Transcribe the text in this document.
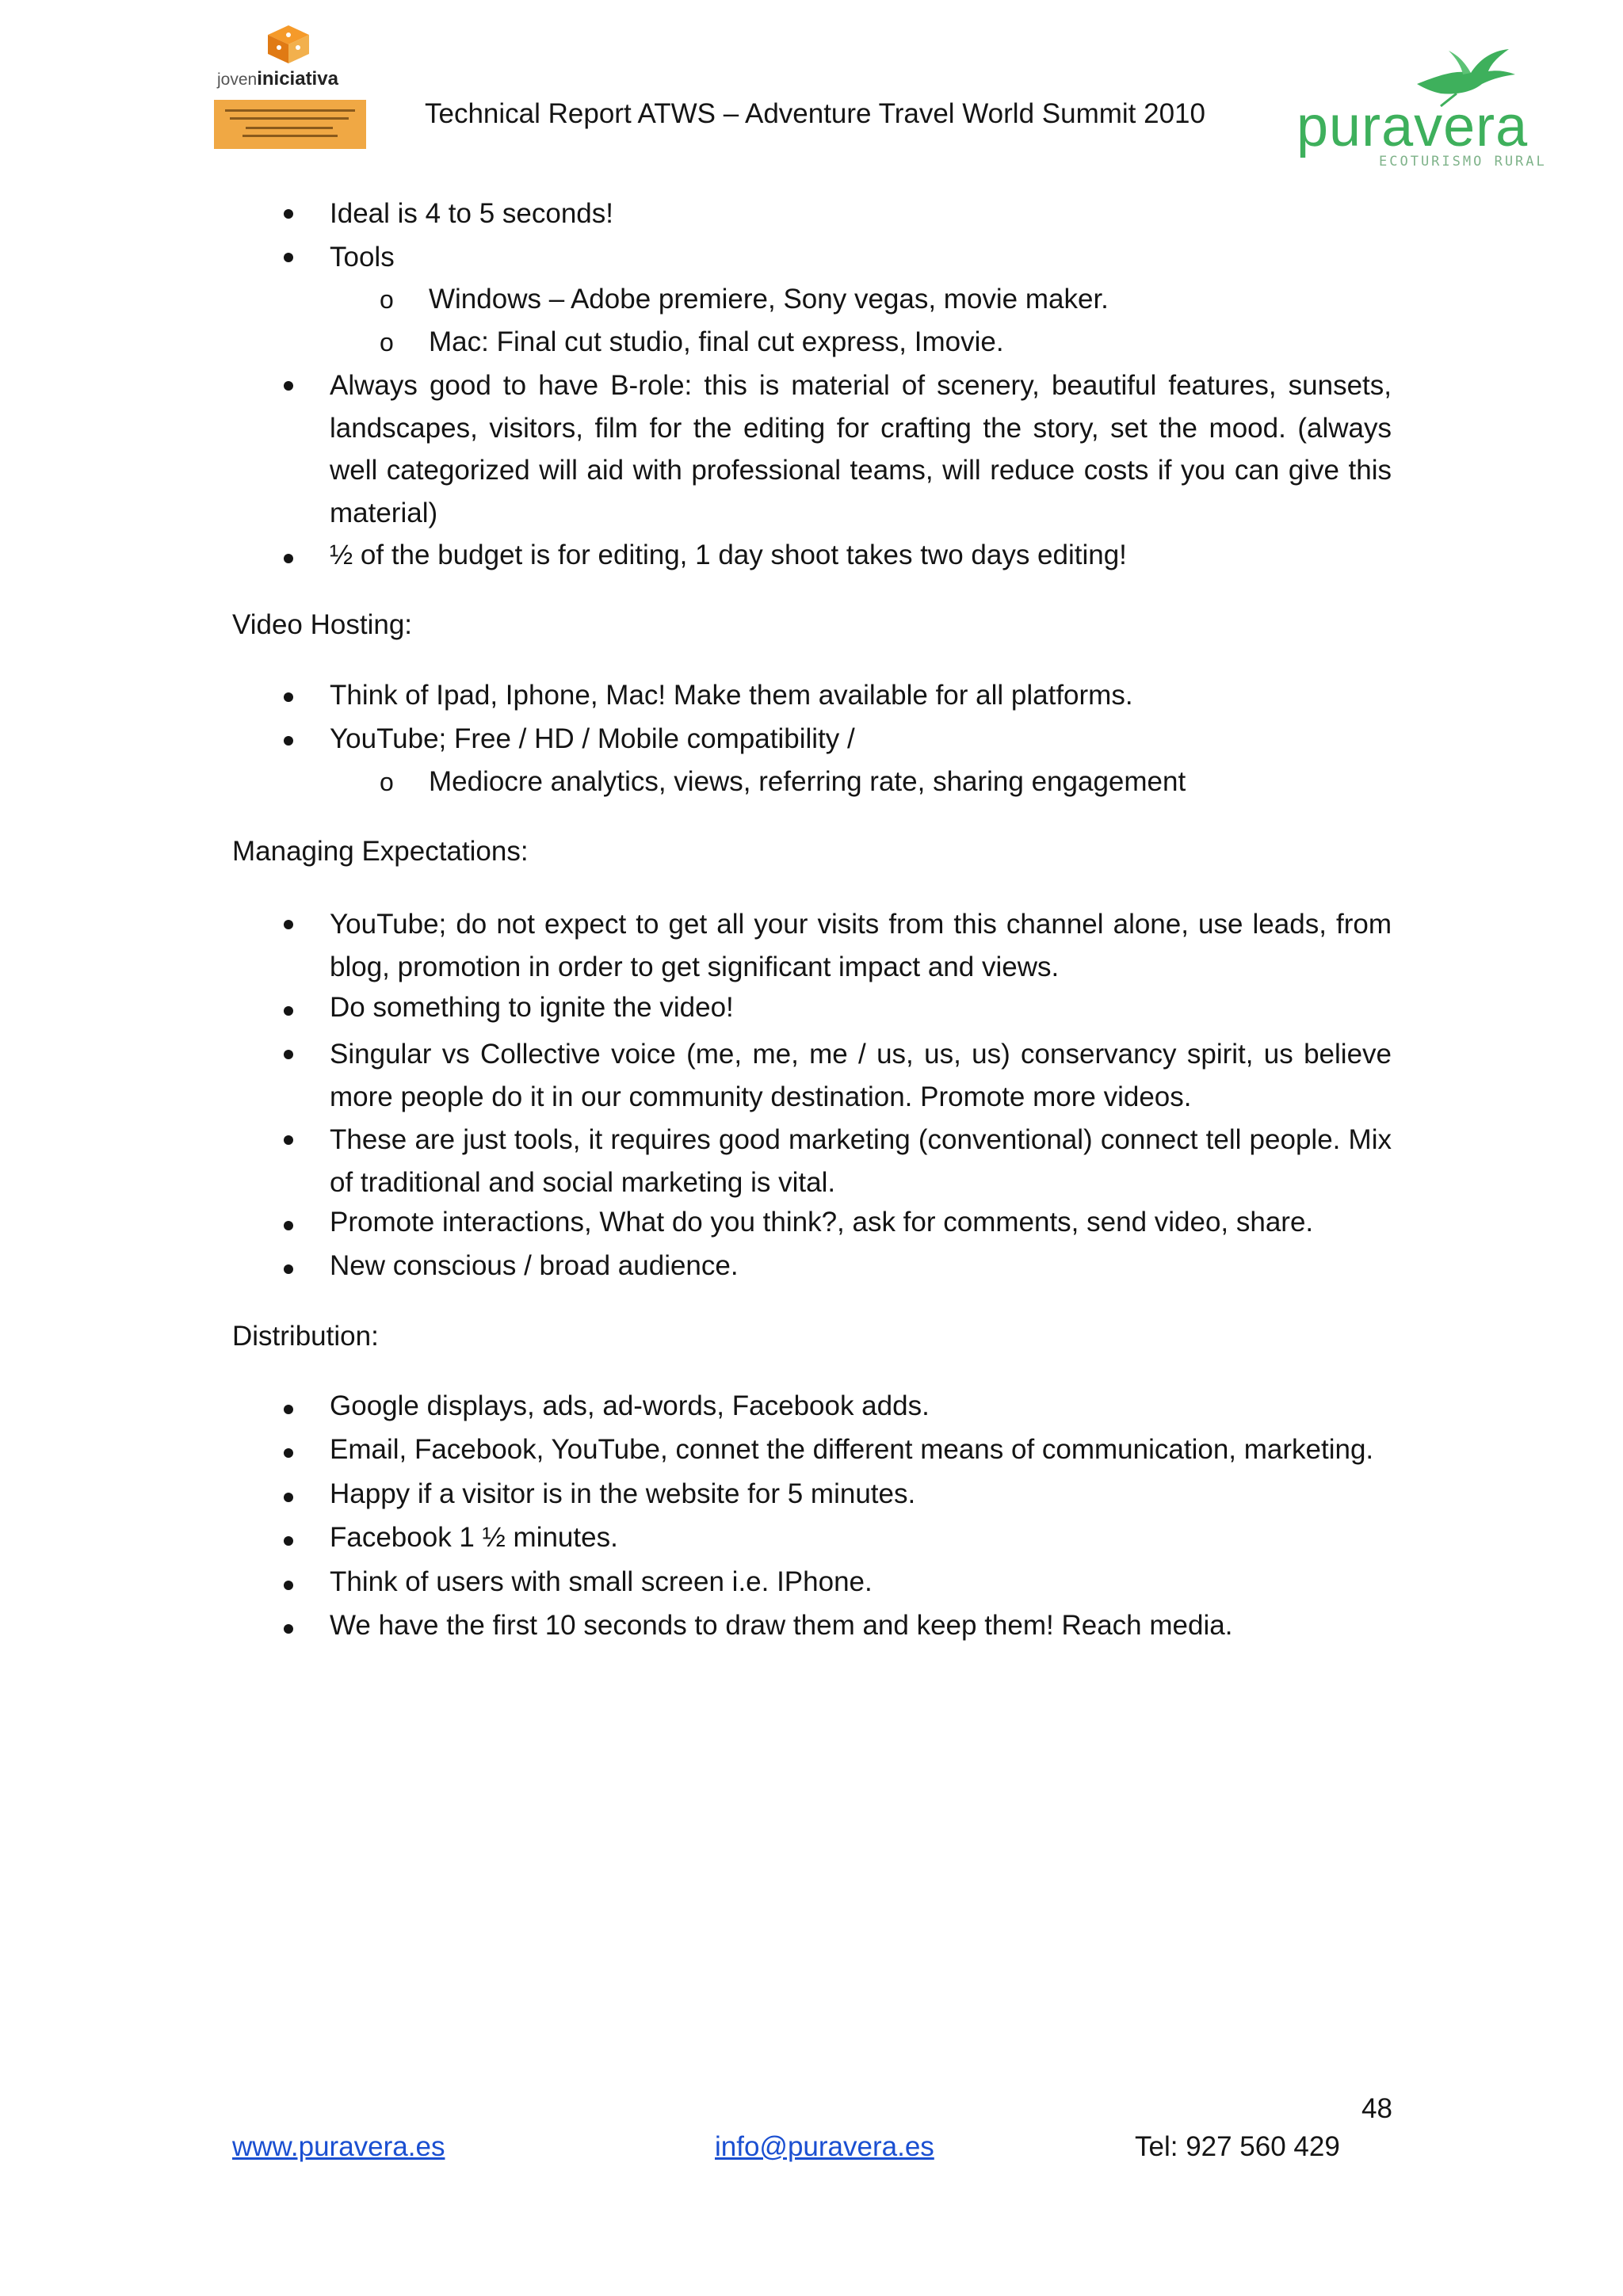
joveniniciativa
Technical Report ATWS – Adventure Travel World Summit 2010 puravera
ECOTURISMO RURAL
Ideal is 4 to 5 seconds!
Tools
o Windows – Adobe premiere, Sony vegas, movie maker.
o Mac: Final cut studio, final cut express, Imovie.
Always good to have B-role: this is material of scenery, beautiful features, sunsets, landscapes, visitors, film for the editing for crafting the story, set the mood. (always well categorized will aid with professional teams, will reduce costs if you can give this material)
½ of the budget is for editing, 1 day shoot takes two days editing!
Video Hosting:
Think of Ipad, Iphone, Mac! Make them available for all platforms.
YouTube; Free / HD / Mobile compatibility /
o Mediocre analytics, views, referring rate, sharing engagement
Managing Expectations:
YouTube; do not expect to get all your visits from this channel alone, use leads, from blog, promotion in order to get significant impact and views.
Do something to ignite the video!
Singular vs Collective voice (me, me, me / us, us, us) conservancy spirit, us believe more people do it in our community destination. Promote more videos.
These are just tools, it requires good marketing (conventional) connect tell people. Mix of traditional and social marketing is vital.
Promote interactions, What do you think?, ask for comments, send video, share.
New conscious / broad audience.
Distribution:
Google displays, ads, ad-words, Facebook adds.
Email, Facebook, YouTube, connet the different means of communication, marketing.
Happy if a visitor is in the website for 5 minutes.
Facebook 1 ½ minutes.
Think of users with small screen i.e. IPhone.
We have the first 10 seconds to draw them and keep them! Reach media.
48
www.puravera.es	info@puravera.es	Tel: 927 560 429
